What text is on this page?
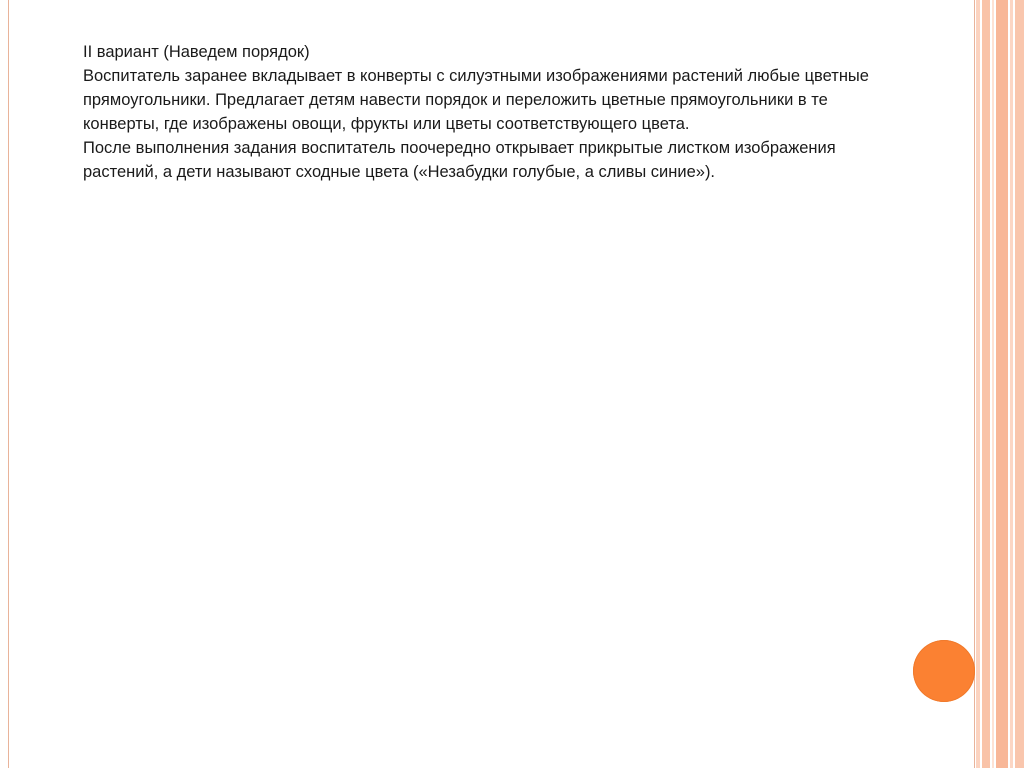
II вариант (Наведем порядок)

Воспитатель заранее вкладывает в конверты с силуэтными изображениями растений любые цветные прямоугольники. Предлагает детям навести порядок и переложить цветные прямоугольники в те конверты, где изображены овощи, фрукты или цветы соответствующего цвета.

После выполнения задания воспитатель поочередно открывает прикрытые листком изображения растений, а дети называют сходные цвета («Незабудки голубые, а сливы синие»).
